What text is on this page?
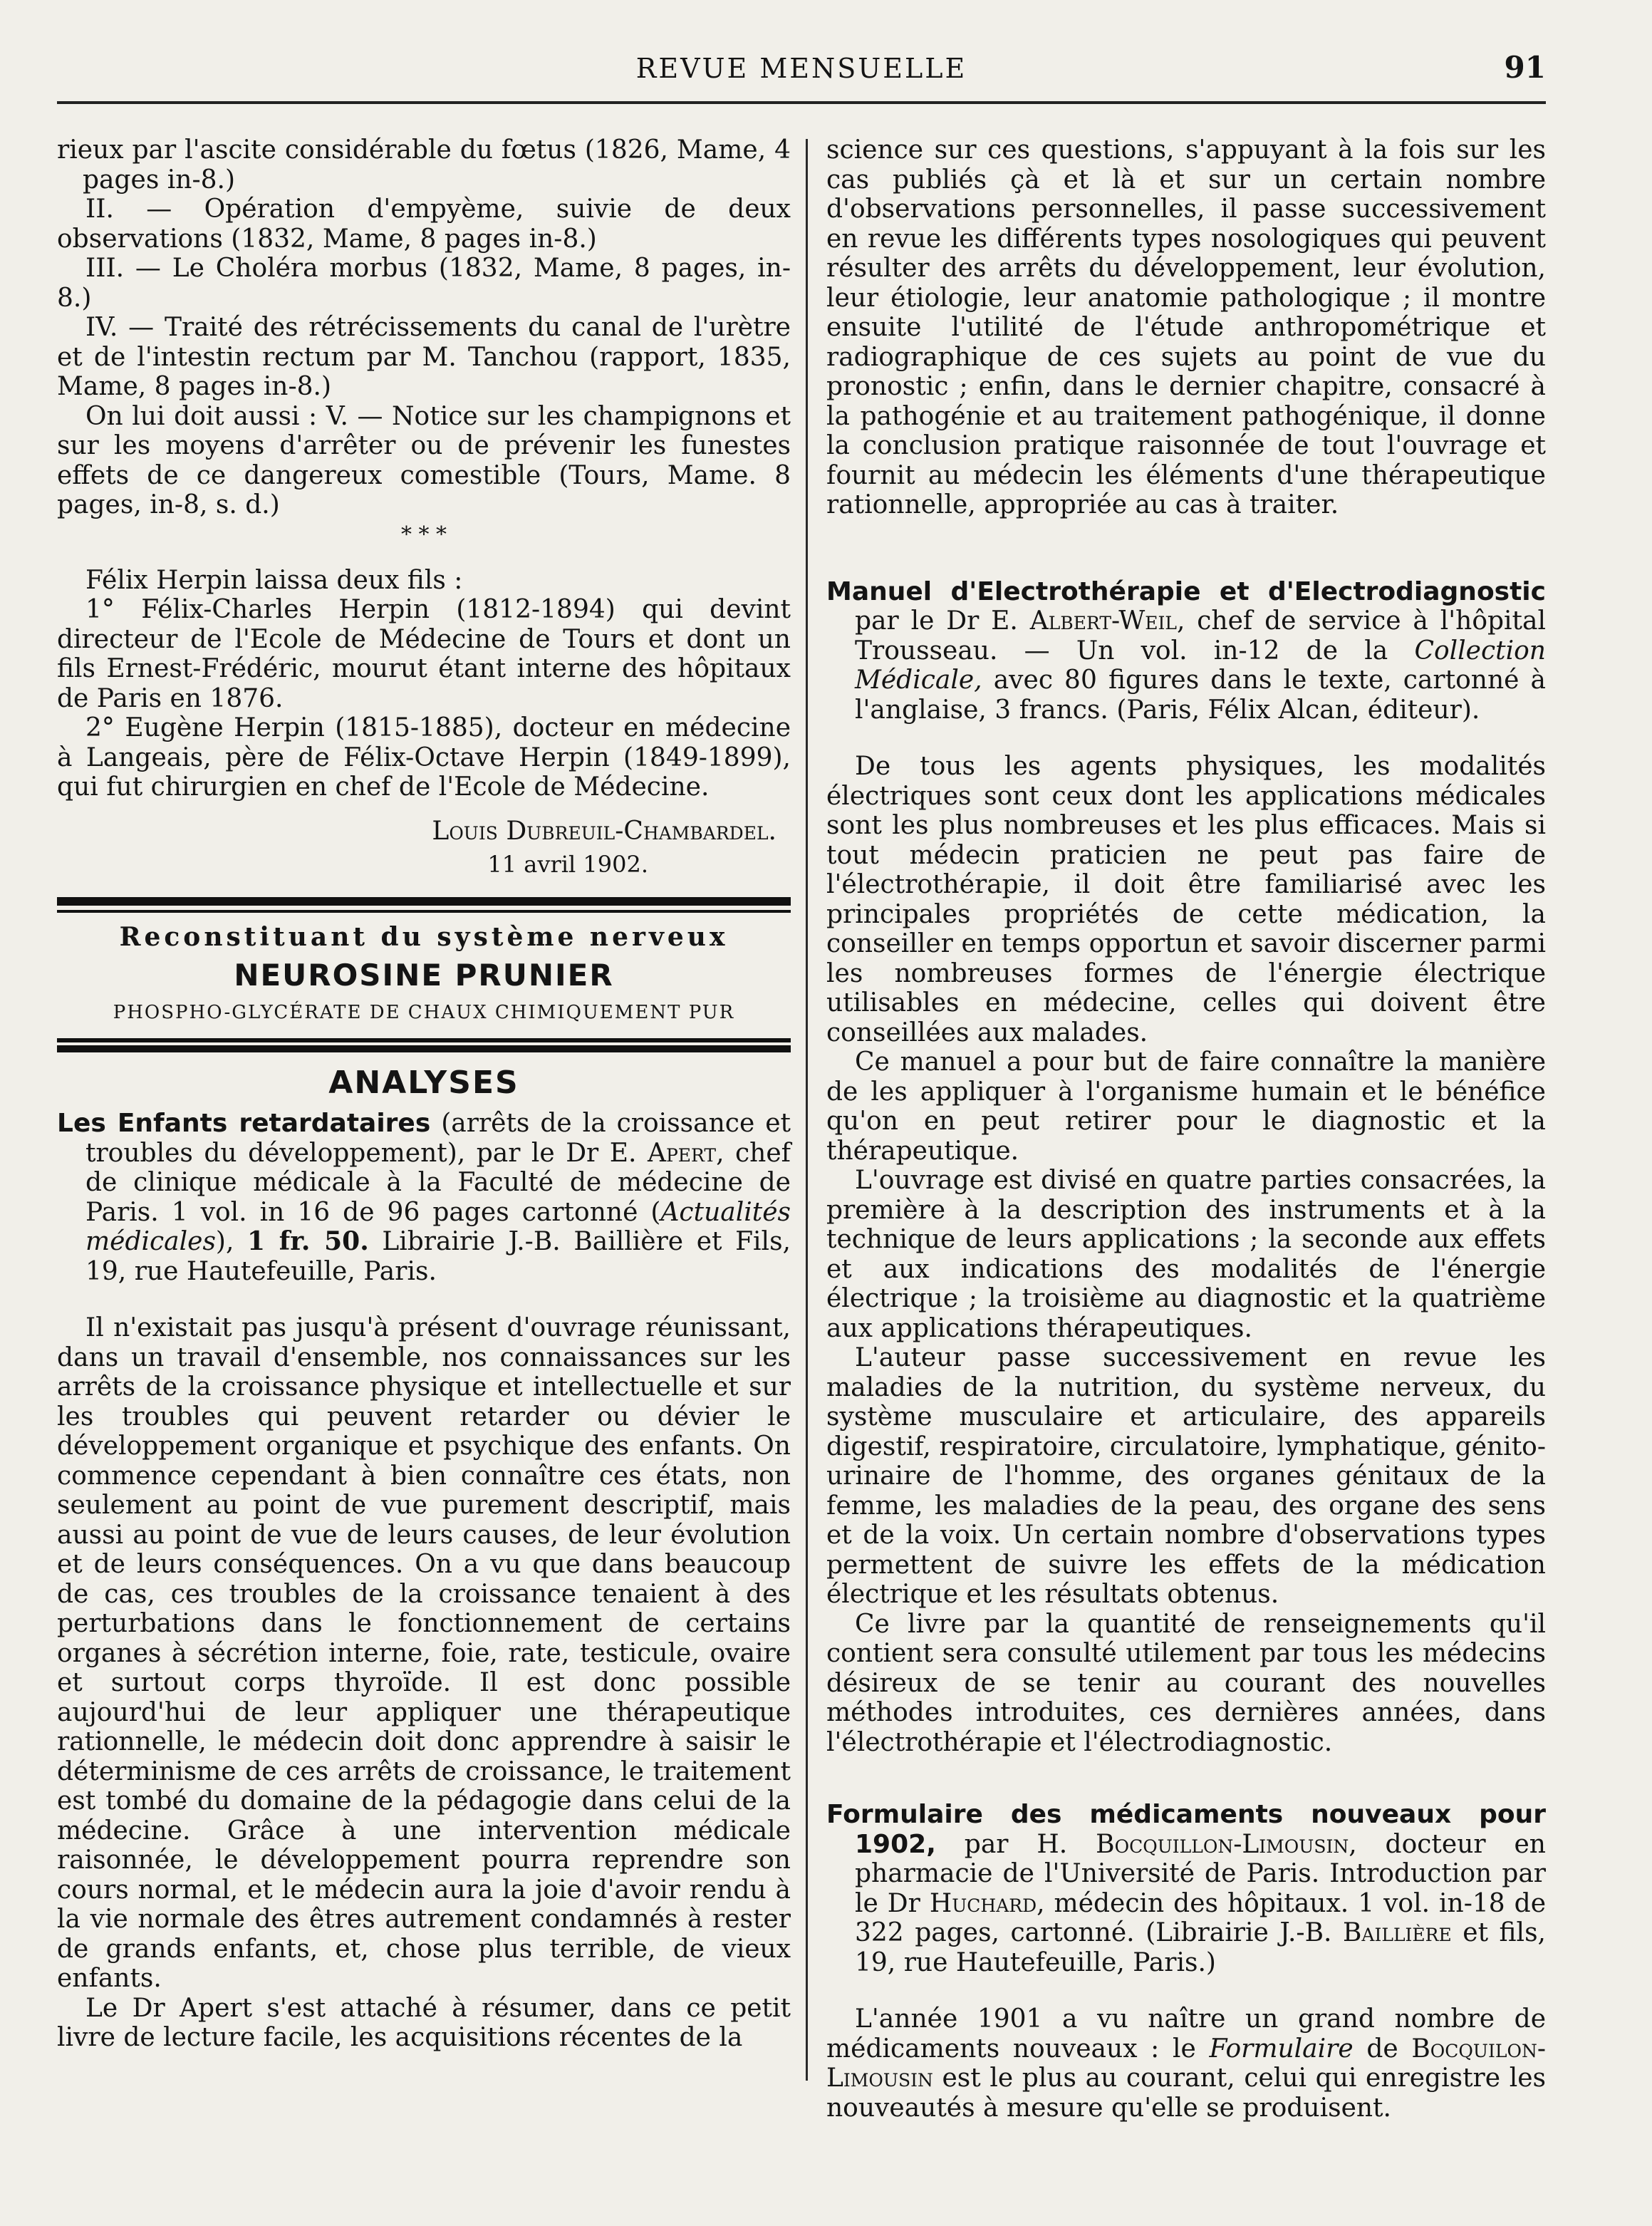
REVUE MENSUELLE	91

rieux par l'ascite considérable du fœtus (1826, Mame, 4 pages in-8.)

II. — Opération d'empyème, suivie de deux observations (1832, Mame, 8 pages in-8.)

III. — Le Choléra morbus (1832, Mame, 8 pages, in-8.)

IV. — Traité des rétrécissements du canal de l'urètre et de l'intestin rectum par M. Tanchou (rapport, 1835, Mame, 8 pages in-8.)

On lui doit aussi : V. — Notice sur les champignons et sur les moyens d'arrêter ou de prévenir les funestes effets de ce dangereux comestible (Tours, Mame. 8 pages, in-8, s. d.)

* * *

Félix Herpin laissa deux fils :

1° Félix-Charles Herpin (1812-1894) qui devint directeur de l'Ecole de Médecine de Tours et dont un fils Ernest-Frédéric, mourut étant interne des hôpitaux de Paris en 1876.

2° Eugène Herpin (1815-1885), docteur en médecine à Langeais, père de Félix-Octave Herpin (1849-1899), qui fut chirurgien en chef de l'Ecole de Médecine.

Louis Dubreuil-Chambardel.
11 avril 1902.
Reconstituant du système nerveux
NEUROSINE PRUNIER
PHOSPHO-GLYCÉRATE DE CHAUX CHIMIQUEMENT PUR
ANALYSES

Les Enfants retardataires (arrêts de la croissance et troubles du développement), par le Dr E. Apert, chef de clinique médicale à la Faculté de médecine de Paris. 1 vol. in 16 de 96 pages cartonné (Actualités médicales), 1 fr. 50. Librairie J.-B. Baillière et Fils, 19, rue Hautefeuille, Paris.

Il n'existait pas jusqu'à présent d'ouvrage réunissant, dans un travail d'ensemble, nos connaissances sur les arrêts de la croissance physique et intellectuelle et sur les troubles qui peuvent retarder ou dévier le développement organique et psychique des enfants. On commence cependant à bien connaître ces états, non seulement au point de vue purement descriptif, mais aussi au point de vue de leurs causes, de leur évolution et de leurs conséquences. On a vu que dans beaucoup de cas, ces troubles de la croissance tenaient à des perturbations dans le fonctionnement de certains organes à sécrétion interne, foie, rate, testicule, ovaire et surtout corps thyroïde. Il est donc possible aujourd'hui de leur appliquer une thérapeutique rationnelle, le médecin doit donc apprendre à saisir le déterminisme de ces arrêts de croissance, le traitement est tombé du domaine de la pédagogie dans celui de la médecine. Grâce à une intervention médicale raisonnée, le développement pourra reprendre son cours normal, et le médecin aura la joie d'avoir rendu à la vie normale des êtres autrement condamnés à rester de grands enfants, et, chose plus terrible, de vieux enfants.

Le Dr Apert s'est attaché à résumer, dans ce petit livre de lecture facile, les acquisitions récentes de la

science sur ces questions, s'appuyant à la fois sur les cas publiés çà et là et sur un certain nombre d'observations personnelles, il passe successivement en revue les différents types nosologiques qui peuvent résulter des arrêts du développement, leur évolution, leur étiologie, leur anatomie pathologique ; il montre ensuite l'utilité de l'étude anthropométrique et radiographique de ces sujets au point de vue du pronostic ; enfin, dans le dernier chapitre, consacré à la pathogénie et au traitement pathogénique, il donne la conclusion pratique raisonnée de tout l'ouvrage et fournit au médecin les éléments d'une thérapeutique rationnelle, appropriée au cas à traiter.

Manuel d'Electrothérapie et d'Electrodiagnostic par le Dr E. Albert-Weil, chef de service à l'hôpital Trousseau. — Un vol. in-12 de la Collection Médicale, avec 80 figures dans le texte, cartonné à l'anglaise, 3 francs. (Paris, Félix Alcan, éditeur).

De tous les agents physiques, les modalités électriques sont ceux dont les applications médicales sont les plus nombreuses et les plus efficaces. Mais si tout médecin praticien ne peut pas faire de l'électrothérapie, il doit être familiarisé avec les principales propriétés de cette médication, la conseiller en temps opportun et savoir discerner parmi les nombreuses formes de l'énergie électrique utilisables en médecine, celles qui doivent être conseillées aux malades.

Ce manuel a pour but de faire connaître la manière de les appliquer à l'organisme humain et le bénéfice qu'on en peut retirer pour le diagnostic et la thérapeutique.

L'ouvrage est divisé en quatre parties consacrées, la première à la description des instruments et à la technique de leurs applications ; la seconde aux effets et aux indications des modalités de l'énergie électrique ; la troisième au diagnostic et la quatrième aux applications thérapeutiques.

L'auteur passe successivement en revue les maladies de la nutrition, du système nerveux, du système musculaire et articulaire, des appareils digestif, respiratoire, circulatoire, lymphatique, génito-urinaire de l'homme, des organes génitaux de la femme, les maladies de la peau, des organe des sens et de la voix. Un certain nombre d'observations types permettent de suivre les effets de la médication électrique et les résultats obtenus.

Ce livre par la quantité de renseignements qu'il contient sera consulté utilement par tous les médecins désireux de se tenir au courant des nouvelles méthodes introduites, ces dernières années, dans l'électrothérapie et l'électrodiagnostic.

Formulaire des médicaments nouveaux pour 1902, par H. Bocquillon-Limousin, docteur en pharmacie de l'Université de Paris. Introduction par le Dr Huchard, médecin des hôpitaux. 1 vol. in-18 de 322 pages, cartonné. (Librairie J.-B. Baillière et fils, 19, rue Hautefeuille, Paris.)

L'année 1901 a vu naître un grand nombre de médicaments nouveaux : le Formulaire de Bocquilon-Limousin est le plus au courant, celui qui enregistre les nouveautés à mesure qu'elle se produisent.
